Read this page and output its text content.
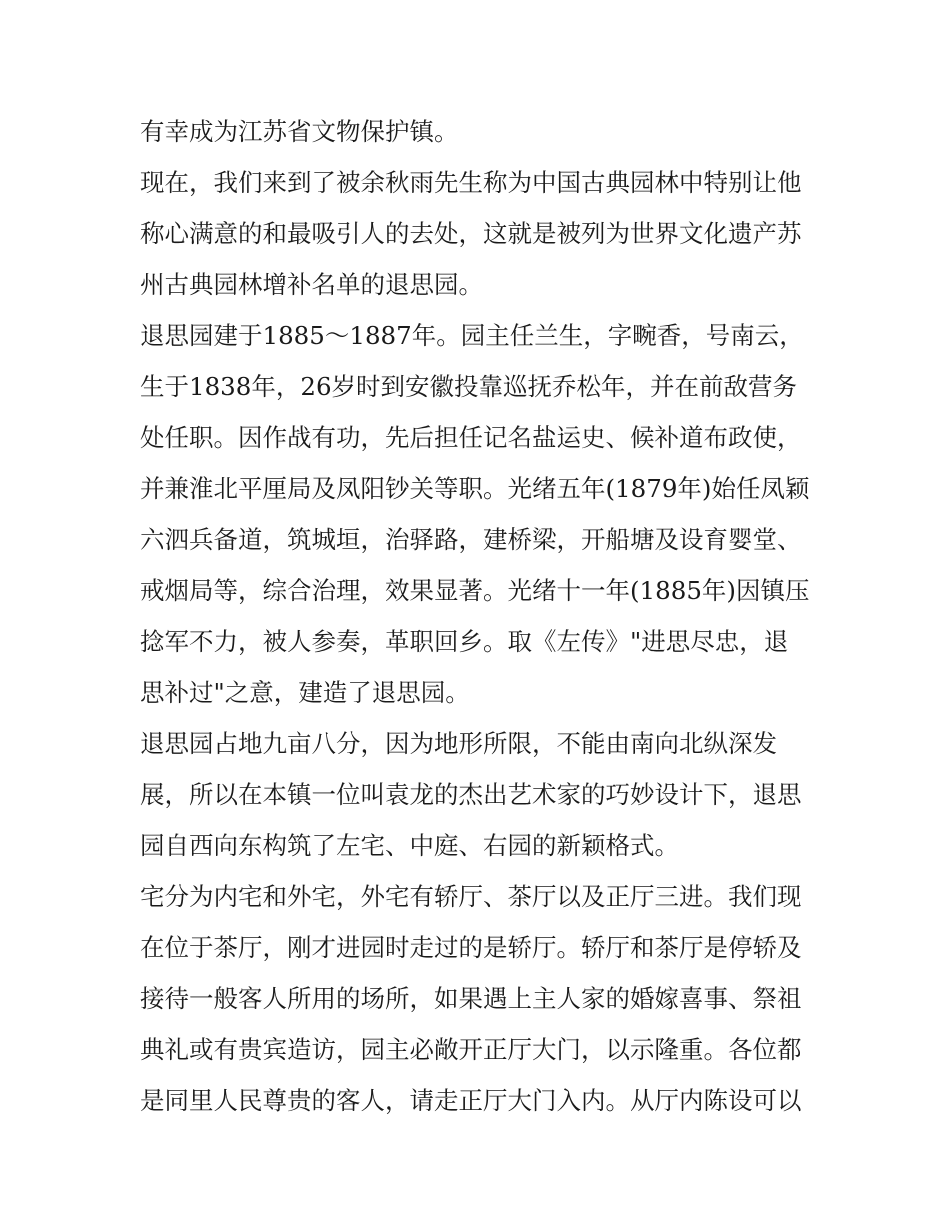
有幸成为江苏省文物保护镇。

现在，我们来到了被余秋雨先生称为中国古典园林中特别让他
称心满意的和最吸引人的去处，这就是被列为世界文化遗产苏
州古典园林增补名单的退思园。

退思园建于1885～1887年。园主任兰生，字畹香，号南云，
生于1838年，26岁时到安徽投靠巡抚乔松年，并在前敌营务
处任职。因作战有功，先后担任记名盐运史、候补道布政使，
并兼淮北平厘局及凤阳钞关等职。光绪五年(1879年)始任凤颖
六泗兵备道，筑城垣，治驿路，建桥梁，开船塘及设育婴堂、
戒烟局等，综合治理，效果显著。光绪十一年(1885年)因镇压
捻军不力，被人参奏，革职回乡。取《左传》"进思尽忠，退
思补过"之意，建造了退思园。

退思园占地九亩八分，因为地形所限，不能由南向北纵深发
展，所以在本镇一位叫袁龙的杰出艺术家的巧妙设计下，退思
园自西向东构筑了左宅、中庭、右园的新颖格式。

宅分为内宅和外宅，外宅有轿厅、茶厅以及正厅三进。我们现
在位于茶厅，刚才进园时走过的是轿厅。轿厅和茶厅是停轿及
接待一般客人所用的场所，如果遇上主人家的婚嫁喜事、祭祖
典礼或有贵宾造访，园主必敞开正厅大门，以示隆重。各位都
是同里人民尊贵的客人，请走正厅大门入内。从厅内陈设可以
